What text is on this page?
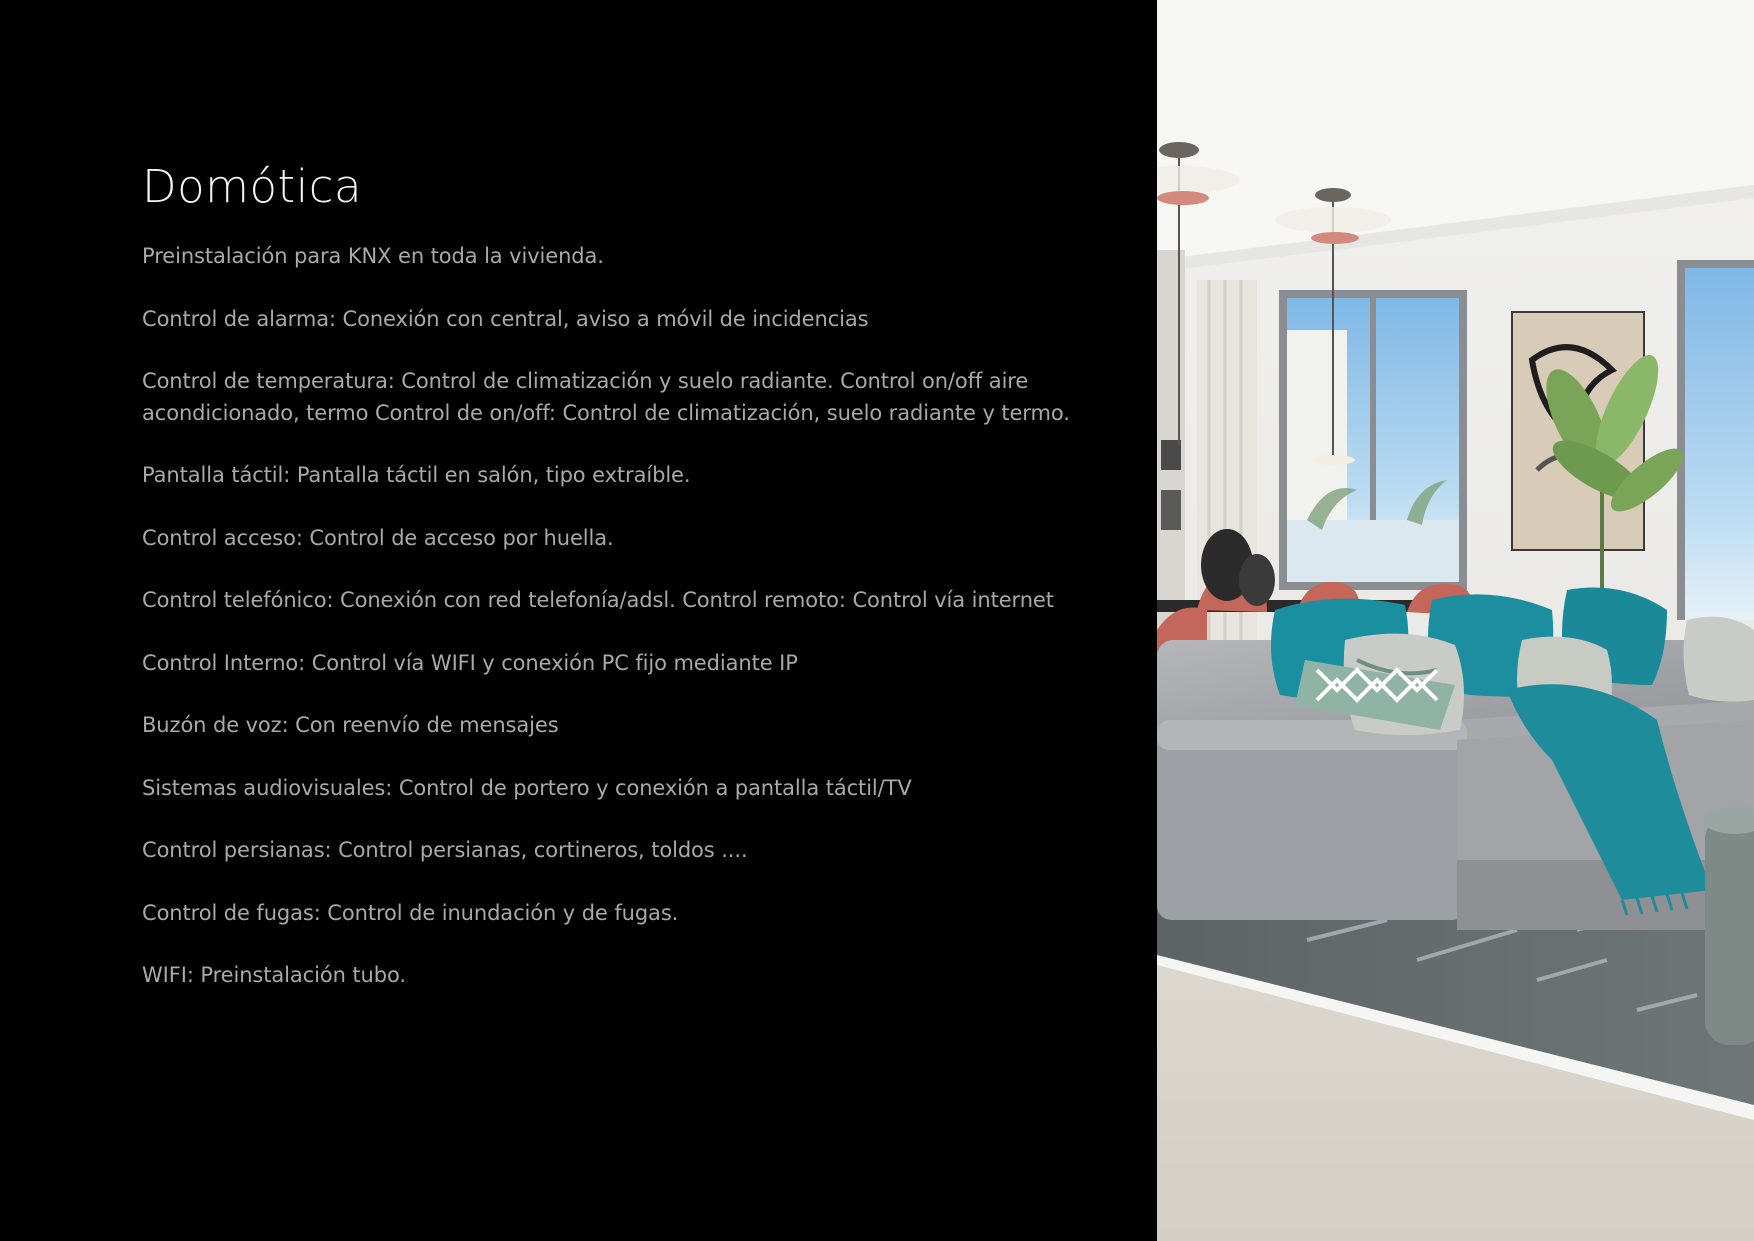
Domótica
Preinstalación para KNX en toda la vivienda.
Control de alarma: Conexión con central, aviso a móvil de incidencias
Control de temperatura: Control de climatización y suelo radiante. Control on/off aire acondicionado, termo Control de on/off: Control de climatización, suelo radiante y termo.
Pantalla táctil: Pantalla táctil en salón, tipo extraíble.
Control acceso: Control de acceso por huella.
Control telefónico: Conexión con red telefonía/adsl. Control remoto: Control vía internet
Control Interno: Control vía WIFI y conexión PC fijo mediante IP
Buzón de voz: Con reenvío de mensajes
Sistemas audiovisuales: Control de portero y conexión a pantalla táctil/TV
Control persianas: Control persianas, cortineros, toldos ....
Control de fugas: Control de inundación y de fugas.
WIFI: Preinstalación tubo.
